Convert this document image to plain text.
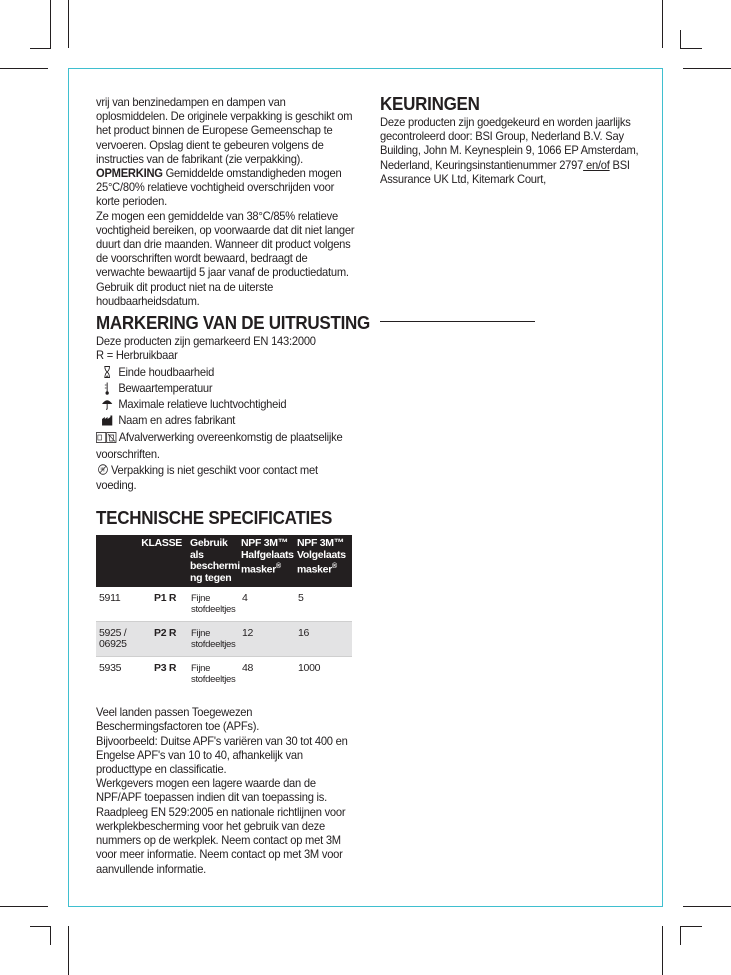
vrij van benzinedampen en dampen van oplosmiddelen. De originele verpakking is geschikt om het product binnen de Europese Gemeenschap te vervoeren. Opslag dient te gebeuren volgens de instructies van de fabrikant (zie verpakking).

OPMERKING Gemiddelde omstandigheden mogen 25°C/80% relatieve vochtigheid overschrijden voor korte perioden.

Ze mogen een gemiddelde van 38°C/85% relatieve vochtigheid bereiken, op voorwaarde dat dit niet langer duurt dan drie maanden. Wanneer dit product volgens de voorschriften wordt bewaard, bedraagt de verwachte bewaartijd 5 jaar vanaf de productiedatum. Gebruik dit product niet na de uiterste houdbaarheidsdatum.

MARKERING VAN DE UITRUSTING

Deze producten zijn gemarkeerd EN 143:2000

R = Herbruikbaar

Einde houdbaarheid
Bewaartemperatuur
Maximale relatieve luchtvochtigheid
Naam en adres fabrikant

Afvalverwerking overeenkomstig de plaatselijke voorschriften.

Verpakking is niet geschikt voor contact met voeding.

TECHNISCHE SPECIFICATIES
	KLASSE	Gebruik als beschermi ng tegen	NPF 3M™ Halfgelaats masker®	NPF 3M™ Volgelaats masker®
5911	P1 R	Fijne stofdeeltjes	4	5
5925 / 06925	P2 R	Fijne stofdeeltjes	12	16
5935	P3 R	Fijne stofdeeltjes	48	1000

Veel landen passen Toegewezen Beschermingsfactoren toe (APFs).

Bijvoorbeeld: Duitse APF's variëren van 30 tot 400 en Engelse APF's van 10 to 40, afhankelijk van producttype en classificatie.

Werkgevers mogen een lagere waarde dan de NPF/APF toepassen indien dit van toepassing is. Raadpleeg EN 529:2005 en nationale richtlijnen voor werkplekbescherming voor het gebruik van deze nummers op de werkplek. Neem contact op met 3M voor meer informatie. Neem contact op met 3M voor aanvullende informatie.

KEURINGEN

Deze producten zijn goedgekeurd en worden jaarlijks gecontroleerd door: BSI Group, Nederland B.V. Say Building, John M. Keynesplein 9, 1066 EP Amsterdam, Nederland, Keuringsinstantienummer 2797 en/of BSI Assurance UK Ltd, Kitemark Court,
